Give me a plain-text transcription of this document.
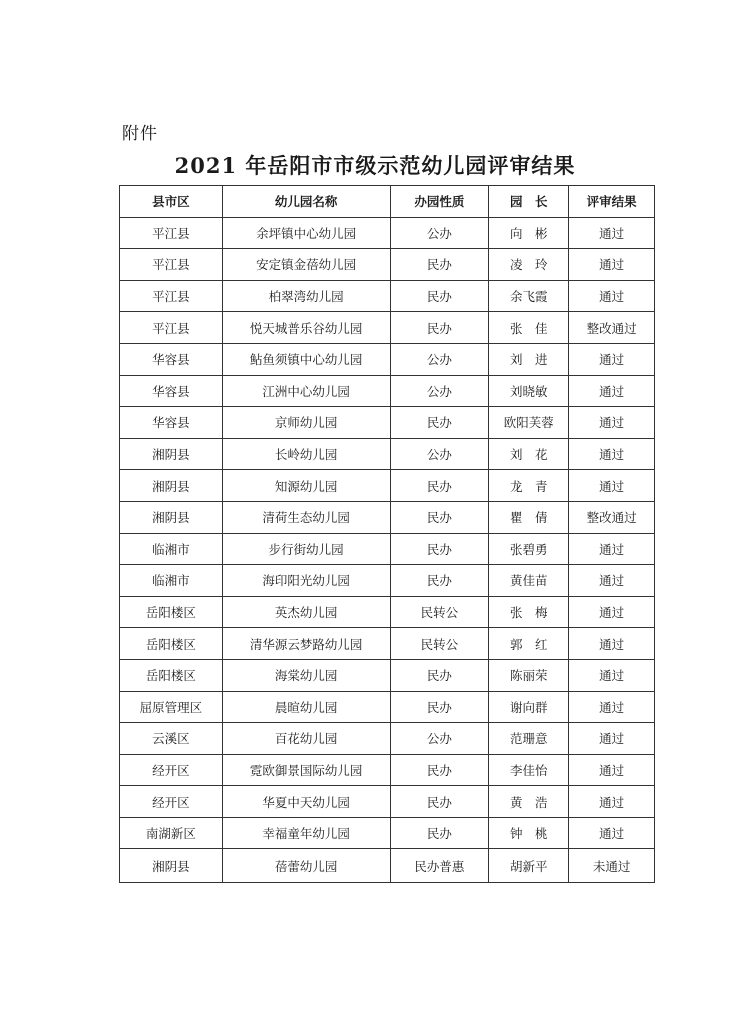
附件
2021 年岳阳市市级示范幼儿园评审结果
县市区	幼儿园名称	办园性质	园　长	评审结果
平江县	余坪镇中心幼儿园	公办	向　彬	通过
平江县	安定镇金蓓幼儿园	民办	凌　玲	通过
平江县	柏翠湾幼儿园	民办	余飞霞	通过
平江县	悦天城普乐谷幼儿园	民办	张　佳	整改通过
华容县	鲇鱼须镇中心幼儿园	公办	刘　进	通过
华容县	江洲中心幼儿园	公办	刘晓敏	通过
华容县	京师幼儿园	民办	欧阳芙蓉	通过
湘阴县	长岭幼儿园	公办	刘　花	通过
湘阴县	知源幼儿园	民办	龙　青	通过
湘阴县	清荷生态幼儿园	民办	瞿　倩	整改通过
临湘市	步行街幼儿园	民办	张碧勇	通过
临湘市	海印阳光幼儿园	民办	黄佳苗	通过
岳阳楼区	英杰幼儿园	民转公	张　梅	通过
岳阳楼区	清华源云梦路幼儿园	民转公	郭　红	通过
岳阳楼区	海棠幼儿园	民办	陈丽荣	通过
屈原管理区	晨暄幼儿园	民办	谢向群	通过
云溪区	百花幼儿园	公办	范珊意	通过
经开区	霓欧御景国际幼儿园	民办	李佳怡	通过
经开区	华夏中天幼儿园	民办	黄　浩	通过
南湖新区	幸福童年幼儿园	民办	钟　桃	通过
湘阴县	蓓蕾幼儿园	民办普惠	胡新平	未通过
